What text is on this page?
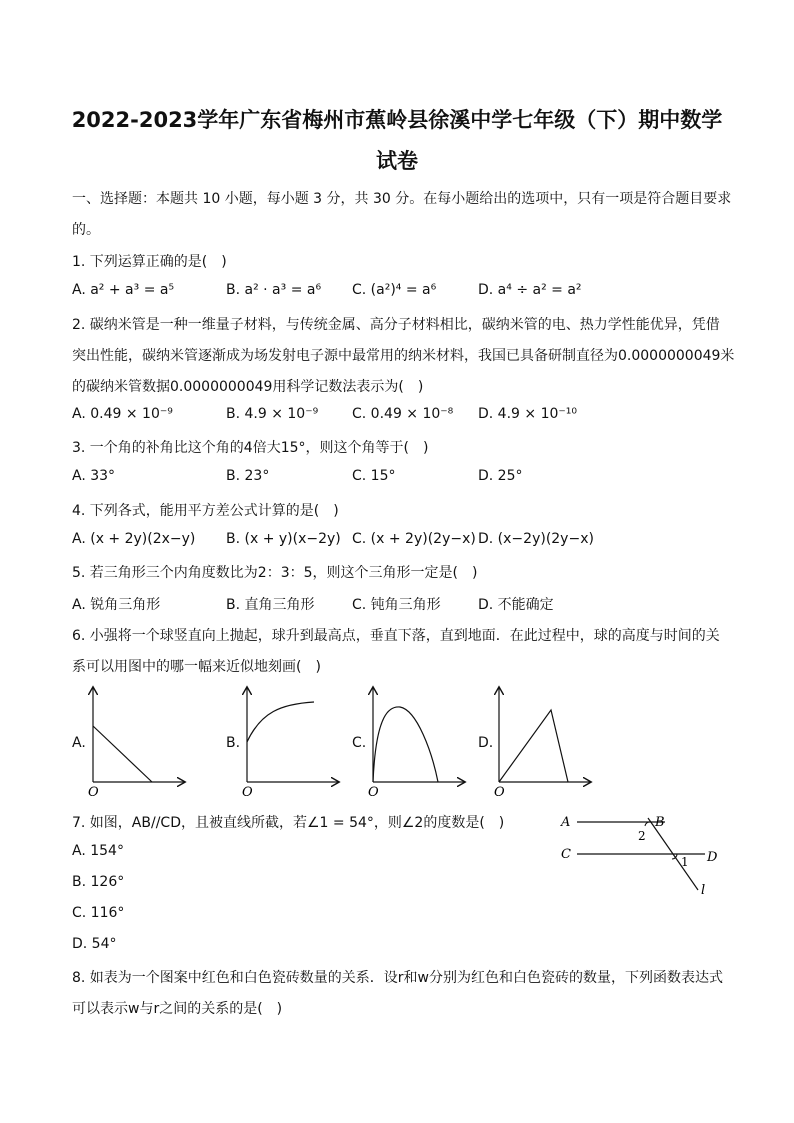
2022-2023学年广东省梅州市蕉岭县徐溪中学七年级（下）期中数学
试卷
一、选择题：本题共 10 小题，每小题 3 分，共 30 分。在每小题给出的选项中，只有一项是符合题目要求
的。
1. 下列运算正确的是(　)
A. a² + a³ = a⁵	B. a² · a³ = a⁶ C. (a²)⁴ = a⁶	D. a⁴ ÷ a² = a²
2. 碳纳米管是一种一维量子材料，与传统金属、高分子材料相比，碳纳米管的电、热力学性能优异，凭借
突出性能，碳纳米管逐渐成为场发射电子源中最常用的纳米材料，我国已具备研制直径为0.0000000049米
的碳纳米管数据0.0000000049用科学记数法表示为(　)
A. 0.49 × 10⁻⁹	B. 4.9 × 10⁻⁹ C. 0.49 × 10⁻⁸ D. 4.9 × 10⁻¹⁰
3. 一个角的补角比这个角的4倍大15°，则这个角等于(　)
A. 33°	B. 23°	C. 15°	D. 25°
4. 下列各式，能用平方差公式计算的是(　)
A. (x + 2y)(2x−y) B. (x + y)(x−2y) C. (x + 2y)(2y−x) D. (x−2y)(2y−x)
5. 若三角形三个内角度数比为2：3：5，则这个三角形一定是(　)
A. 锐角三角形	B. 直角三角形	C. 钝角三角形	D. 不能确定
6. 小强将一个球竖直向上抛起，球升到最高点，垂直下落，直到地面．在此过程中，球的高度与时间的关
系可以用图中的哪一幅来近似地刻画(　)
A.
O
B.
O
C.
O
D.
O
7. 如图，AB//CD，且被直线所截，若∠1 = 54°，则∠2的度数是(　)
A. 154°
B. 126°
C. 116°
D. 54°
A	B
C	D
l
1
2
8. 如表为一个图案中红色和白色瓷砖数量的关系．设r和w分别为红色和白色瓷砖的数量，下列函数表达式
可以表示w与r之间的关系的是(　)
